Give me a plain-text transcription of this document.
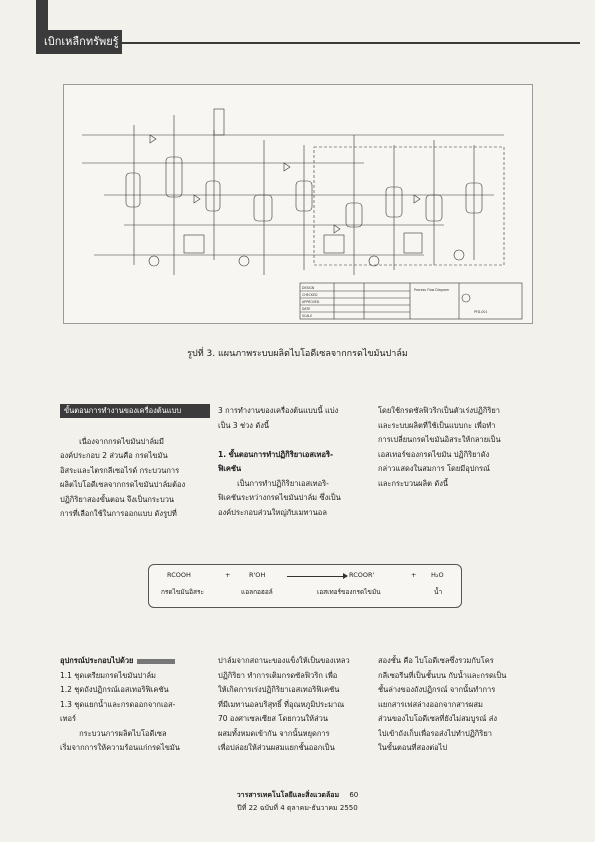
เบิกเหลืกทรัพยรู้
DESIGN
CHECKED
APPROVED
DATE
SCALE
Process Flow Diagram
PFD-001
รูปที่ 3. แผนภาพระบบผลิตไบโอดีเซลจากกรดไขมันปาล์ม
ขั้นตอนการทำงานของเครื่องต้นแบบ

เนื่องจากกรดไขมันปาล์มมี

องค์ประกอบ 2 ส่วนคือ กรดไขมัน

อิสระและไตรกลีเซอไรด์ กระบวนการ

ผลิตไบโอดีเซลจากกรดไขมันปาล์มต้อง

ปฏิกิริยาสองขั้นตอน จึงเป็นกระบวน

การที่เลือกใช้ในการออกแบบ ดังรูปที่

3 การทำงานของเครื่องต้นแบบนี้ แบ่ง

เป็น 3 ช่วง ดังนี้

1. ขั้นตอนการทำปฏิกิริยาเอสเทอริ-

ฟิเคชัน

เป็นการทำปฏิกิริยาเอสเทอริ-

ฟิเคชันระหว่างกรดไขมันปาล์ม ซึ่งเป็น

องค์ประกอบส่วนใหญ่กับเมทานอล

โดยใช้กรดซัลฟิวริกเป็นตัวเร่งปฏิกิริยา

และระบบผลิตที่ใช้เป็นแบบกะ เพื่อทำ

การเปลี่ยนกรดไขมันอิสระให้กลายเป็น

เอสเทอร์ของกรดไขมัน ปฏิกิริยาดัง

กล่าวแสดงในสมการ โดยมีอุปกรณ์

และกระบวนผลิต ดังนี้

RCOOH
กรดไขมันอิสระ
+	R'OH
แอลกอฮอล์
→ RCOOR'
เอสเทอร์ของกรดไขมัน
+ H₂O
น้ำ

อุปกรณ์ประกอบไปด้วย

1.1 ชุดเตรียมกรดไขมันปาล์ม

1.2 ชุดถังปฏิกรณ์เอสเทอริฟิเคชัน

1.3 ชุดแยกน้ำและกรดออกจากเอส-

เทอร์

กระบวนการผลิตไบโอดีเซล

เริ่มจากการให้ความร้อนแก่กรดไขมัน

ปาล์มจากสถานะของแข็งให้เป็นของเหลว

ปฏิกิริยา ทำการเติมกรดซัลฟิวริก เพื่อ

ให้เกิดการเร่งปฏิกิริยาเอสเทอริฟิเคชัน

ที่มีเมทานอลบริสุทธิ์ ที่อุณหภูมิประมาณ

70 องศาเซลเซียส โดยกวนให้ส่วน

ผสมทั้งหมดเข้ากัน จากนั้นหยุดการ

เพื่อปล่อยให้ส่วนผสมแยกชั้นออกเป็น

สองชั้น คือ ไบโอดีเซลซึ่งรวมกับโคร

กลีเซอรีนที่เป็นชั้นบน กับน้ำและกรดเป็น

ชั้นล่างของถังปฏิกรณ์ จากนั้นทำการ

แยกสารเฟสล่างออกจากสารผสม

ส่วนของไบโอดีเซลที่ยังไม่สมบูรณ์ ส่ง

ไปเข้าถังเก็บเพื่อรอส่งไปทำปฏิกิริยา

ในขั้นตอนที่สองต่อไป

วารสารเทคโนโลยีและสิ่งแวดล้อม 60
ปีที่ 22 ฉบับที่ 4 ตุลาคม-ธันวาคม 2550
